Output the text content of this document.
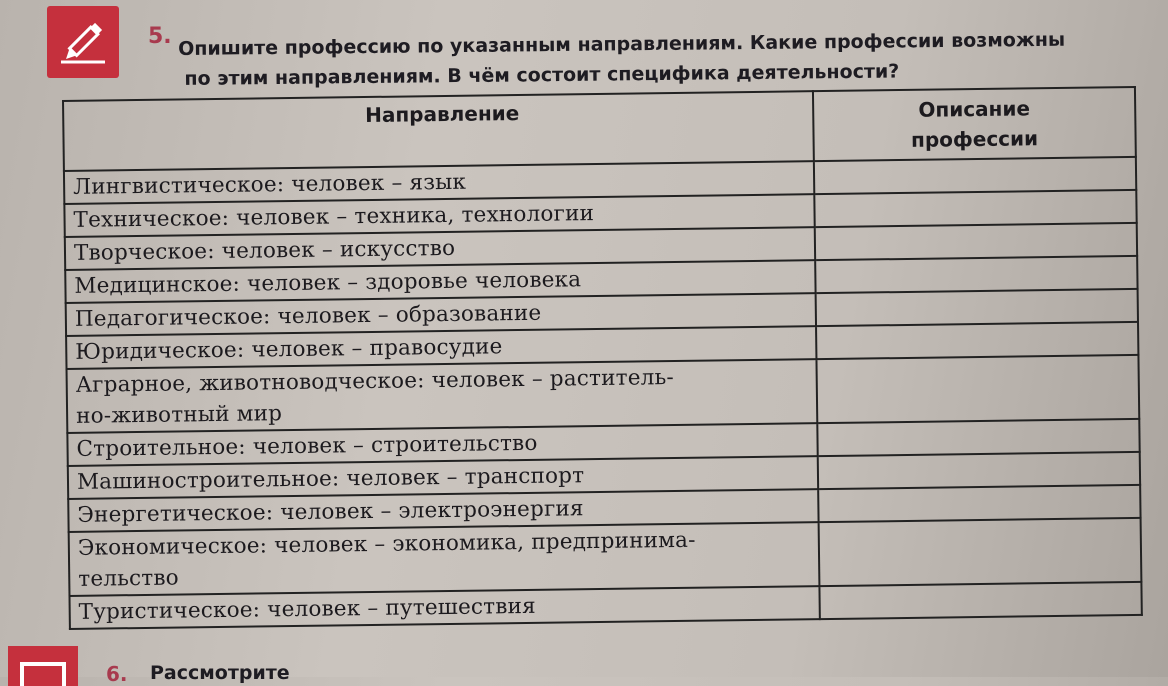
5. Опишите профессию по указанным направлениям. Какие профессии возможны
по этим направлениям. В чём состоит специфика деятельности?
Направление	Описание
профессии

Лингвистическое: человек – язык	
Техническое: человек – техника, технологии	
Творческое: человек – искусство	
Медицинское: человек – здоровье человека	
Педагогическое: человек – образование	
Юридическое: человек – правосудие	

Аграрное, животноводческое: человек – раститель-
но-животный мир	

Строительное: человек – строительство	
Машиностроительное: человек – транспорт	
Энергетическое: человек – электроэнергия	

Экономическое: человек – экономика, предпринима-
тельство	

Туристическое: человек – путешествия	
6. Рассмотрите
